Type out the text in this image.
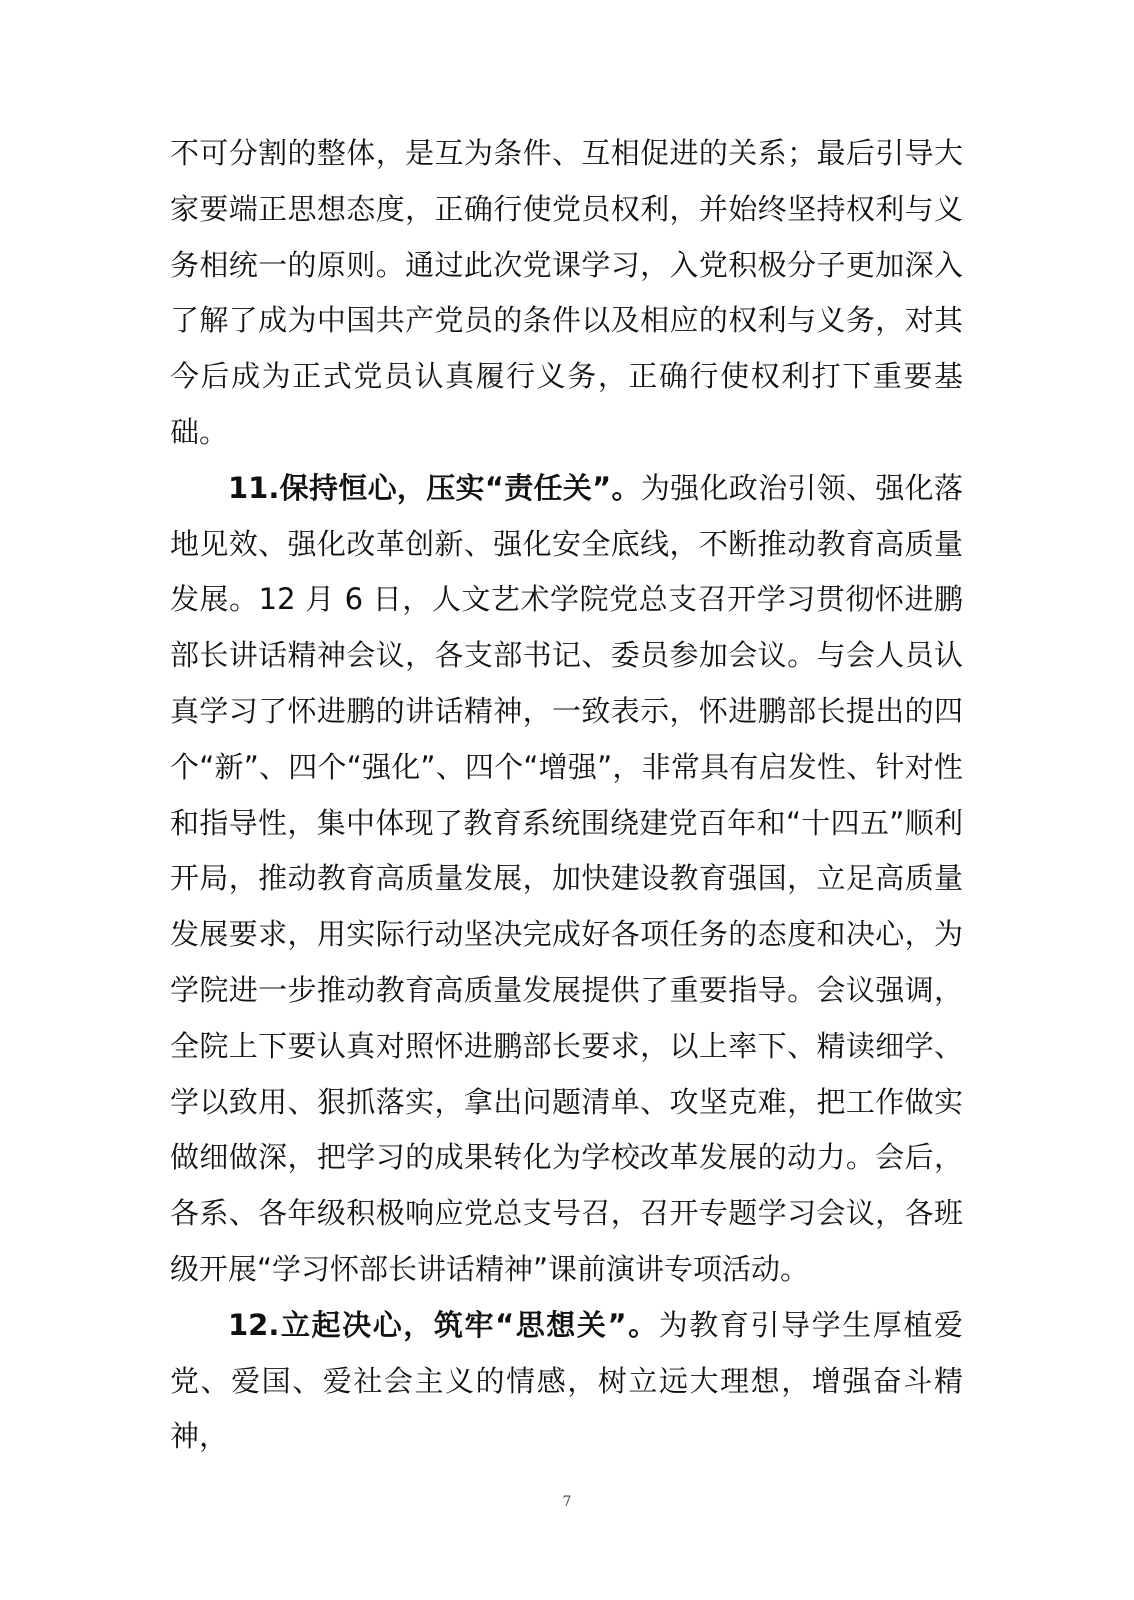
不可分割的整体，是互为条件、互相促进的关系；最后引导大家要端正思想态度，正确行使党员权利，并始终坚持权利与义务相统一的原则。通过此次党课学习，入党积极分子更加深入了解了成为中国共产党员的条件以及相应的权利与义务，对其今后成为正式党员认真履行义务，正确行使权利打下重要基础。

11.保持恒心，压实“责任关”。为强化政治引领、强化落地见效、强化改革创新、强化安全底线，不断推动教育高质量发展。12 月 6 日，人文艺术学院党总支召开学习贯彻怀进鹏部长讲话精神会议，各支部书记、委员参加会议。与会人员认真学习了怀进鹏的讲话精神，一致表示，怀进鹏部长提出的四个“新”、四个“强化”、四个“增强”，非常具有启发性、针对性和指导性，集中体现了教育系统围绕建党百年和“十四五”顺利开局，推动教育高质量发展，加快建设教育强国，立足高质量发展要求，用实际行动坚决完成好各项任务的态度和决心，为学院进一步推动教育高质量发展提供了重要指导。会议强调，全院上下要认真对照怀进鹏部长要求，以上率下、精读细学、学以致用、狠抓落实，拿出问题清单、攻坚克难，把工作做实做细做深，把学习的成果转化为学校改革发展的动力。会后，各系、各年级积极响应党总支号召，召开专题学习会议，各班级开展“学习怀部长讲话精神”课前演讲专项活动。

12.立起决心，筑牢“思想关”。为教育引导学生厚植爱党、爱国、爱社会主义的情感，树立远大理想，增强奋斗精神，

7
